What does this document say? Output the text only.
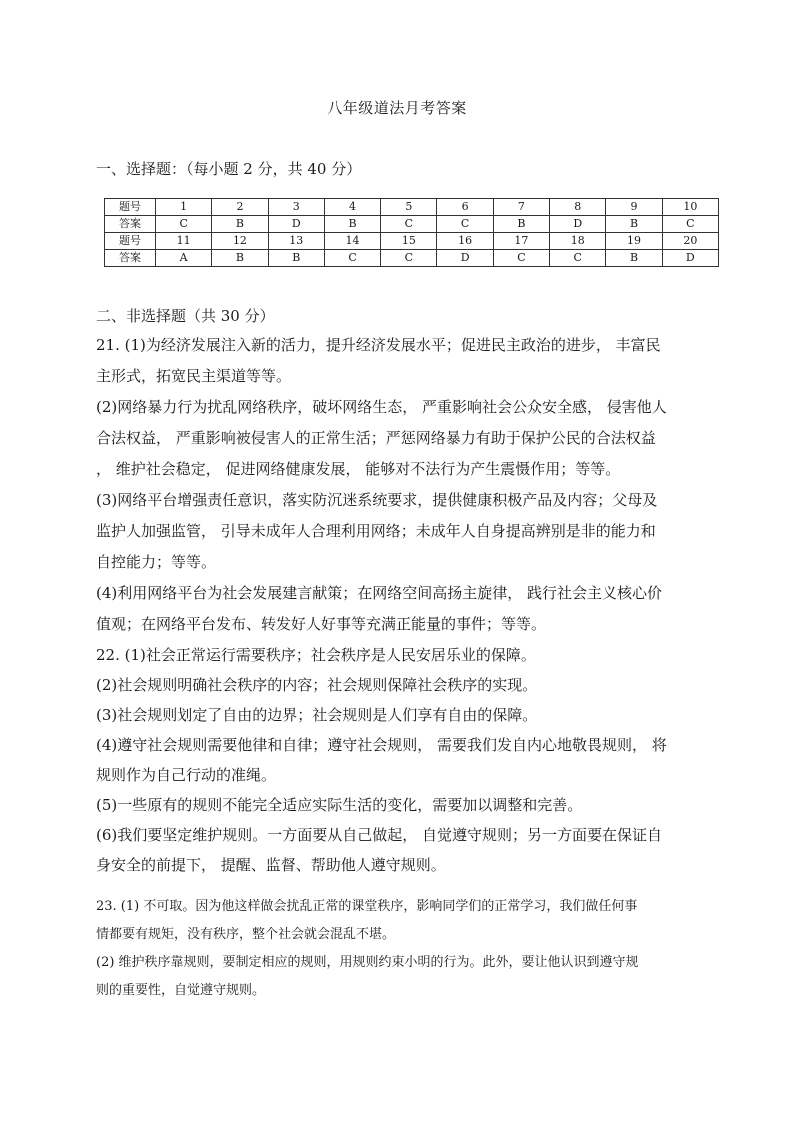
八年级道法月考答案
一、选择题：（每小题 2 分，共 40 分）
题号	1	2	3	4	5	6	7	8	9	10
答案	C	B	D	B	C	C	B	D	B	C
题号	11	12	13	14	15	16	17	18	19	20
答案	A	B	B	C	C	D	C	C	B	D
二、非选择题（共 30 分）

21. (1)为经济发展注入新的活力，提升经济发展水平；促进民主政治的进步， 丰富民

主形式，拓宽民主渠道等等。

(2)网络暴力行为扰乱网络秩序，破坏网络生态， 严重影响社会公众安全感， 侵害他人

合法权益， 严重影响被侵害人的正常生活；严惩网络暴力有助于保护公民的合法权益

， 维护社会稳定， 促进网络健康发展， 能够对不法行为产生震慑作用；等等。

(3)网络平台增强责任意识，落实防沉迷系统要求，提供健康积极产品及内容；父母及

监护人加强监管， 引导未成年人合理利用网络；未成年人自身提高辨别是非的能力和

自控能力；等等。

(4)利用网络平台为社会发展建言献策；在网络空间高扬主旋律， 践行社会主义核心价

值观；在网络平台发布、转发好人好事等充满正能量的事件；等等。

22. (1)社会正常运行需要秩序；社会秩序是人民安居乐业的保障。

(2)社会规则明确社会秩序的内容；社会规则保障社会秩序的实现。

(3)社会规则划定了自由的边界；社会规则是人们享有自由的保障。

(4)遵守社会规则需要他律和自律；遵守社会规则， 需要我们发自内心地敬畏规则， 将

规则作为自己行动的准绳。

(5)一些原有的规则不能完全适应实际生活的变化，需要加以调整和完善。

(6)我们要坚定维护规则。一方面要从自己做起， 自觉遵守规则；另一方面要在保证自

身安全的前提下， 提醒、监督、帮助他人遵守规则。

23. (1) 不可取。因为他这样做会扰乱正常的课堂秩序，影响同学们的正常学习，我们做任何事

情都要有规矩，没有秩序，整个社会就会混乱不堪。

(2) 维护秩序靠规则，要制定相应的规则，用规则约束小明的行为。此外，要让他认识到遵守规

则的重要性，自觉遵守规则。
